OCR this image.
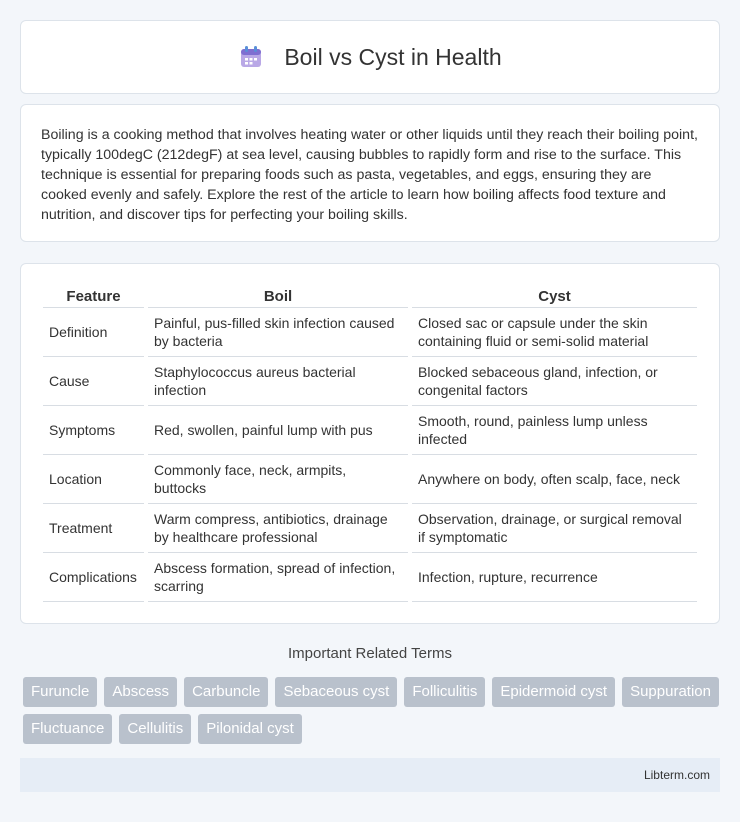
Boil vs Cyst in Health

Boiling is a cooking method that involves heating water or other liquids until they reach their boiling point, typically 100degC (212degF) at sea level, causing bubbles to rapidly form and rise to the surface. This technique is essential for preparing foods such as pasta, vegetables, and eggs, ensuring they are cooked evenly and safely. Explore the rest of the article to learn how boiling affects food texture and nutrition, and discover tips for perfecting your boiling skills.

Feature	Boil	Cyst
Definition	Painful, pus-filled skin infection caused by bacteria	Closed sac or capsule under the skin containing fluid or semi-solid material
Cause	Staphylococcus aureus bacterial infection	Blocked sebaceous gland, infection, or congenital factors
Symptoms	Red, swollen, painful lump with pus	Smooth, round, painless lump unless infected
Location	Commonly face, neck, armpits, buttocks	Anywhere on body, often scalp, face, neck
Treatment	Warm compress, antibiotics, drainage by healthcare professional	Observation, drainage, or surgical removal if symptomatic
Complications	Abscess formation, spread of infection, scarring	Infection, rupture, recurrence
Important Related Terms
Furuncle	Abscess	Carbuncle	Sebaceous cyst	Folliculitis	Epidermoid cyst	Suppuration
Fluctuance	Cellulitis	Pilonidal cyst
Libterm.com
